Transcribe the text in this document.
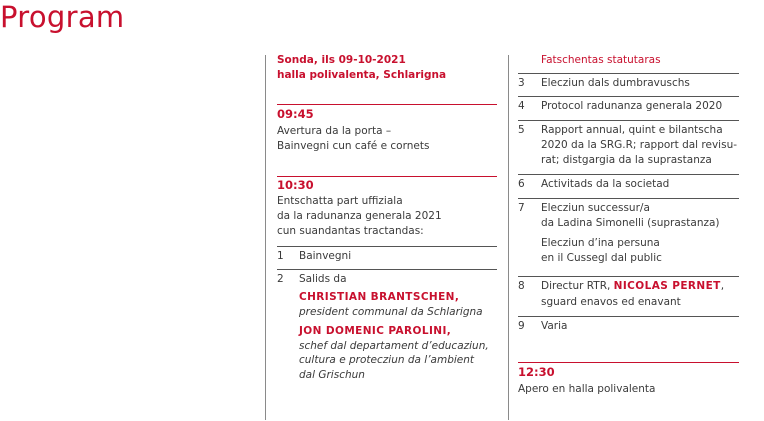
Program
Sonda, ils 09-10-2021
halla polivalenta, Schlarigna
09:45
Avertura da la porta –
Bainvegni cun café e cornets
10:30
Entschatta part uffiziala
da la radunanza generala 2021
cun suandantas tractandas:
1 Bainvegni
2 Salids da
CHRISTIAN BRANTSCHEN,
president communal da Schlarigna
JON DOMENIC PAROLINI,
schef dal departament d’educaziun,
cultura e protecziun da l’ambient
dal Grischun
Fatschentas statutaras
3 Elecziun dals dumbravuschs
4 Protocol radunanza generala 2020
5 Rapport annual, quint e bilantscha
2020 da la SRG.R; rapport dal revisu-
rat; distgargia da la suprastanza
6 Activitads da la societad
7 Elecziun successur/a
da Ladina Simonelli (suprastanza)
Elecziun d’ina persuna
en il Cussegl dal public
8 Directur RTR, NICOLAS PERNET,
sguard enavos ed enavant
9 Varia
12:30
Apero en halla polivalenta
